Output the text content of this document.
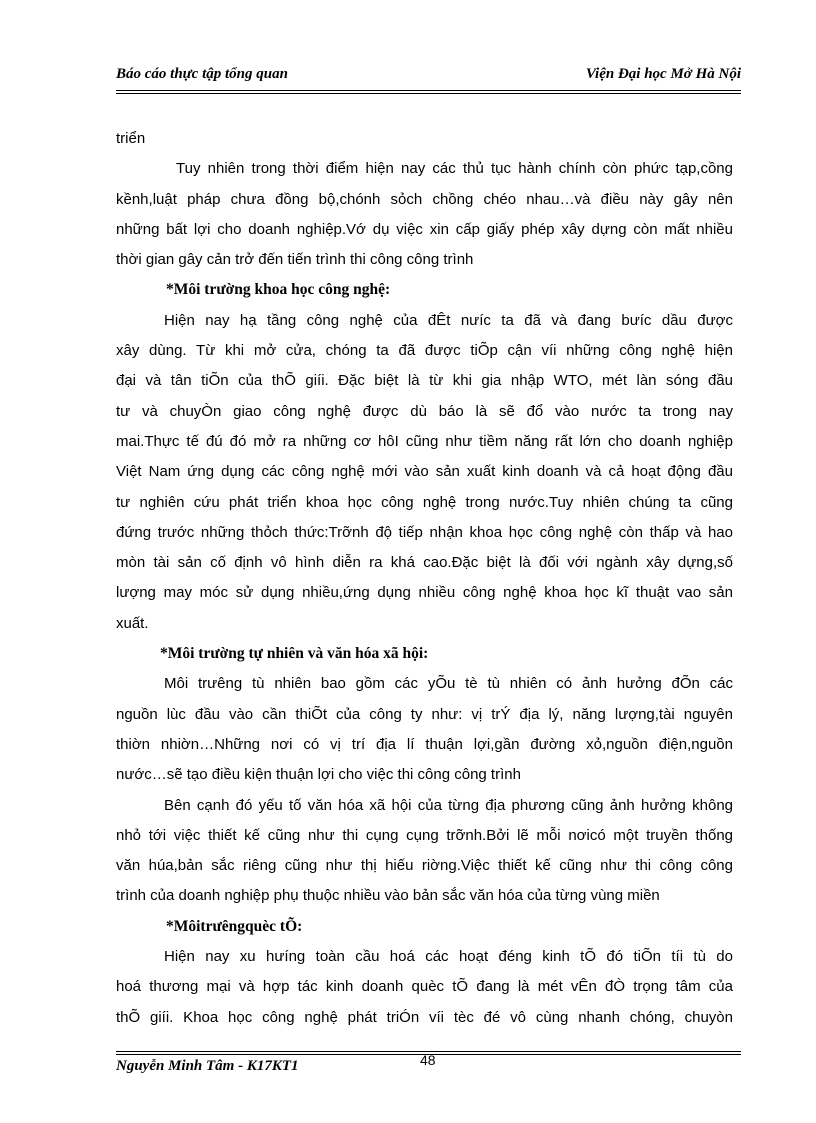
Báo cáo thực tập tổng quan	Viện Đại học Mở Hà Nội
triển
Tuy nhiên trong thời điểm hiện nay các thủ tục hành chính còn phức tạp,cồng
kềnh,luật pháp chưa đồng bộ,chónh sỏch chồng chéo nhau…và điều này gây nên
những bất lợi cho doanh nghiệp.Vớ dụ việc xin cấp giấy phép xây dựng còn mất nhiều
thời gian gây cản trở đến tiến trình thi công công trình
*Môi trường khoa học công nghệ:
Hiện nay hạ tầng công nghệ của đÊt nưíc ta đã và đang bưíc dầu được
xây dùng. Từ khi mở cửa, chóng ta đã được tiÕp cận víi những công nghệ hiện
đại và tân tiÕn của thÕ giíi. Đặc biệt là từ khi gia nhập WTO, mét làn sóng đầu
tư và chuyÒn giao công nghệ được dù báo là sẽ đổ vào nước ta trong nay
mai.Thực tế đú đó mở ra những cơ hôI cũng như tiềm năng rất lớn cho doanh nghiệp
Việt Nam ứng dụng các công nghệ mới vào sản xuất kinh doanh và cả hoạt động đầu
tư nghiên cứu phát triển khoa học công nghệ trong nước.Tuy nhiên chúng ta cũng
đứng trước những thỏch thức:Trỡnh độ tiếp nhận khoa học công nghệ còn thấp và hao
mòn tài sản cố định vô hình diễn ra khá cao.Đặc biệt là đối với ngành xây dựng,số
lượng may móc sử dụng nhiều,ứng dụng nhiều công nghệ khoa học kĩ thuật vao sản
xuất.
*Môi trường tự nhiên và văn hóa xã hội:
Môi trưêng tù nhiên bao gồm các yÕu tè tù nhiên có ảnh hưởng đÕn các
nguồn lùc đầu vào cần thiÕt của công ty như: vị trÝ địa lý, năng lượng,tài nguyên
thiờn nhiờn…Những nơi có vị trí địa lí thuận lợi,gần đường xỏ,nguồn điện,nguồn
nước…sẽ tạo điều kiện thuận lợi cho việc thi công công trình
Bên cạnh đó yếu tố văn hóa xã hội của từng địa phương cũng ảnh hưởng không
nhỏ tới việc thiết kế cũng như thi cụng cụng trỡnh.Bởi lẽ mỗi nơicó một truyền thống
văn húa,bản sắc riêng cũng như thị hiếu riờng.Việc thiết kế cũng như thi công công
trình của doanh nghiệp phụ thuộc nhiều vào bản sắc văn hóa của từng vùng miền
*Môitrưêngquèc tÕ:
Hiện nay xu hưíng toàn cầu hoá các hoạt đéng kinh tÕ đó tiÕn tíi tù do
hoá thương mại và hợp tác kinh doanh quèc tÕ đang là mét vÊn đÒ trọng tâm của
thÕ giíi. Khoa học công nghệ phát triÓn víi tèc đé vô cùng nhanh chóng, chuyòn
Nguyễn Minh Tâm - K17KT1	48
